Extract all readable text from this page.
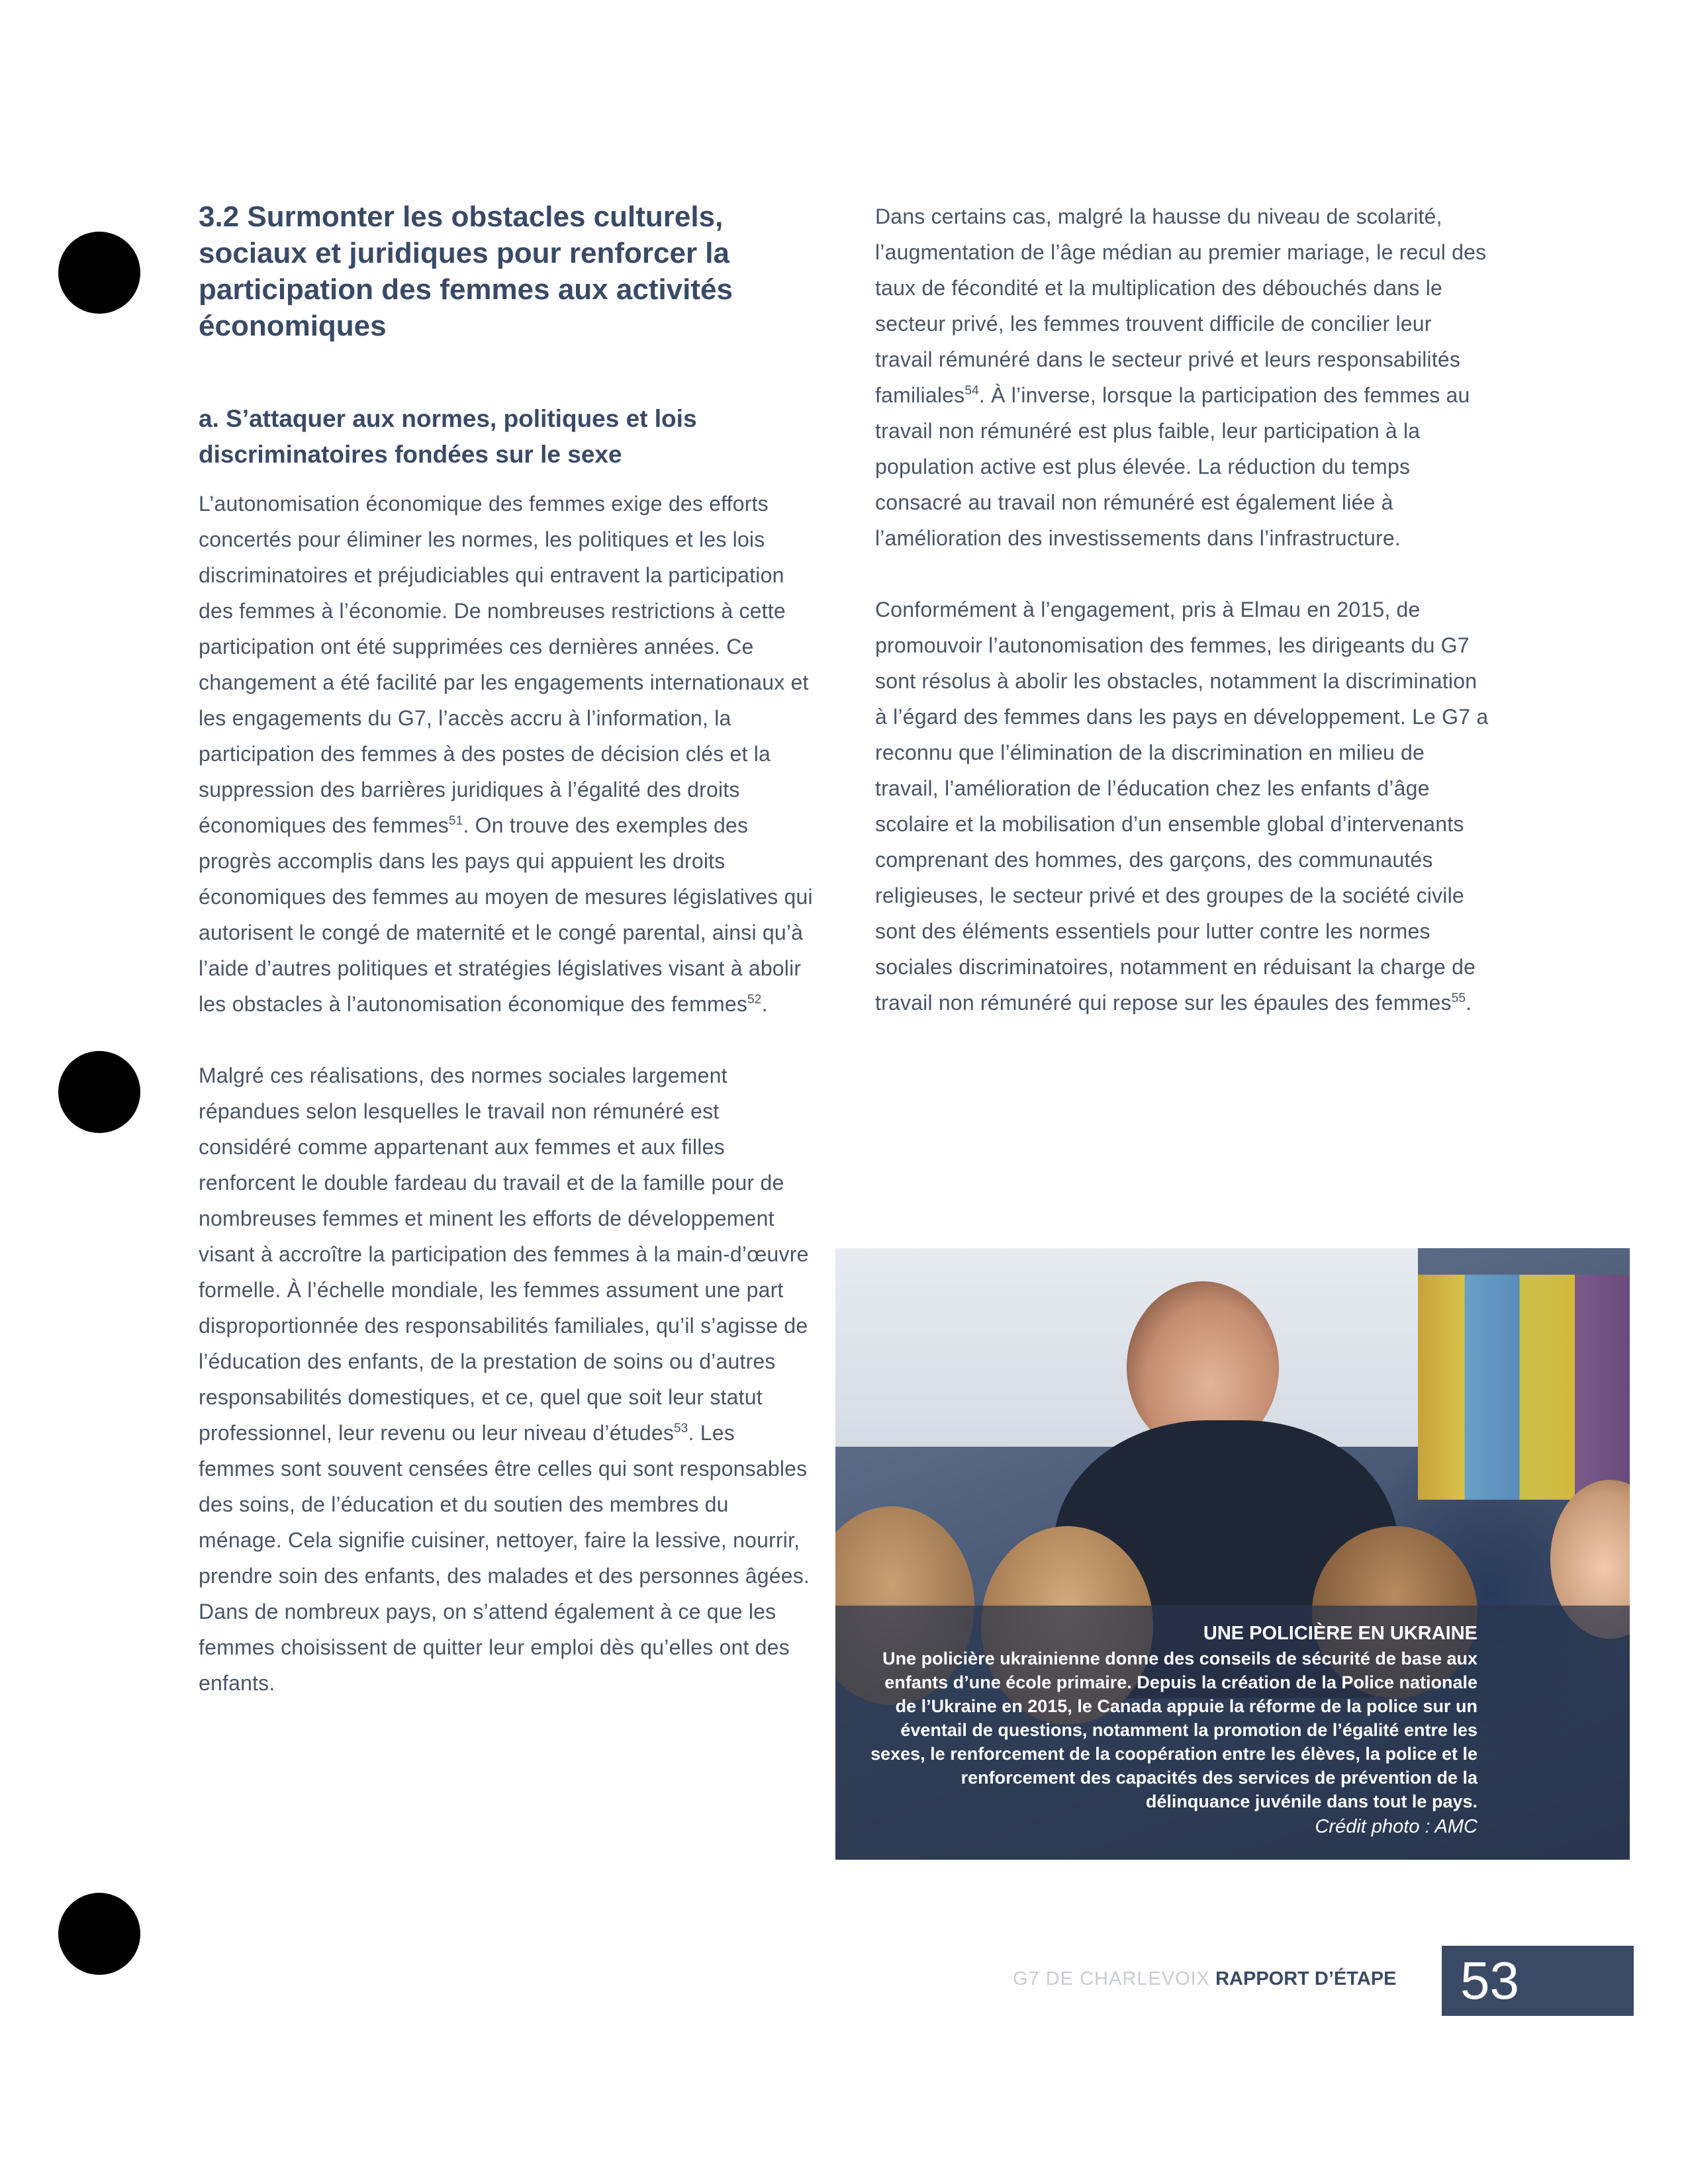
3.2 Surmonter les obstacles culturels, sociaux et juridiques pour renforcer la participation des femmes aux activités économiques
a. S’attaquer aux normes, politiques et lois discriminatoires fondées sur le sexe

L’autonomisation économique des femmes exige des efforts concertés pour éliminer les normes, les politiques et les lois discriminatoires et préjudiciables qui entravent la participation des femmes à l’économie. De nombreuses restrictions à cette participation ont été supprimées ces dernières années. Ce changement a été facilité par les engagements internationaux et les engagements du G7, l’accès accru à l’information, la participation des femmes à des postes de décision clés et la suppression des barrières juridiques à l’égalité des droits économiques des femmes$^{51}$. On trouve des exemples des progrès accomplis dans les pays qui appuient les droits économiques des femmes au moyen de mesures législatives qui autorisent le congé de maternité et le congé parental, ainsi qu’à l’aide d’autres politiques et stratégies législatives visant à abolir les obstacles à l’autonomisation économique des femmes$^{52}$.

Malgré ces réalisations, des normes sociales largement répandues selon lesquelles le travail non rémunéré est considéré comme appartenant aux femmes et aux filles renforcent le double fardeau du travail et de la famille pour de nombreuses femmes et minent les efforts de développement visant à accroître la participation des femmes à la main-d’œuvre formelle. À l’échelle mondiale, les femmes assument une part disproportionnée des responsabilités familiales, qu’il s’agisse de l’éducation des enfants, de la prestation de soins ou d’autres responsabilités domestiques, et ce, quel que soit leur statut professionnel, leur revenu ou leur niveau d’études$^{53}$. Les femmes sont souvent censées être celles qui sont responsables des soins, de l’éducation et du soutien des membres du ménage. Cela signifie cuisiner, nettoyer, faire la lessive, nourrir, prendre soin des enfants, des malades et des personnes âgées. Dans de nombreux pays, on s’attend également à ce que les femmes choisissent de quitter leur emploi dès qu’elles ont des enfants.

Dans certains cas, malgré la hausse du niveau de scolarité, l’augmentation de l’âge médian au premier mariage, le recul des taux de fécondité et la multiplication des débouchés dans le secteur privé, les femmes trouvent difficile de concilier leur travail rémunéré dans le secteur privé et leurs responsabilités familiales$^{54}$. À l’inverse, lorsque la participation des femmes au travail non rémunéré est plus faible, leur participation à la population active est plus élevée. La réduction du temps consacré au travail non rémunéré est également liée à l’amélioration des investissements dans l’infrastructure.

Conformément à l’engagement, pris à Elmau en 2015, de promouvoir l’autonomisation des femmes, les dirigeants du G7 sont résolus à abolir les obstacles, notamment la discrimination à l’égard des femmes dans les pays en développement. Le G7 a reconnu que l’élimination de la discrimination en milieu de travail, l’amélioration de l’éducation chez les enfants d’âge scolaire et la mobilisation d’un ensemble global d’intervenants comprenant des hommes, des garçons, des communautés religieuses, le secteur privé et des groupes de la société civile sont des éléments essentiels pour lutter contre les normes sociales discriminatoires, notamment en réduisant la charge de travail non rémunéré qui repose sur les épaules des femmes$^{55}$.

UNE POLICIÈRE EN UKRAINE

Une policière ukrainienne donne des conseils de sécurité de base aux enfants d’une école primaire. Depuis la création de la Police nationale de l’Ukraine en 2015, le Canada appuie la réforme de la police sur un éventail de questions, notamment la promotion de l’égalité entre les sexes, le renforcement de la coopération entre les élèves, la police et le renforcement des capacités des services de prévention de la délinquance juvénile dans tout le pays.

Crédit photo : AMC

G7 DE CHARLEVOIX RAPPORT D’ÉTAPE	53
